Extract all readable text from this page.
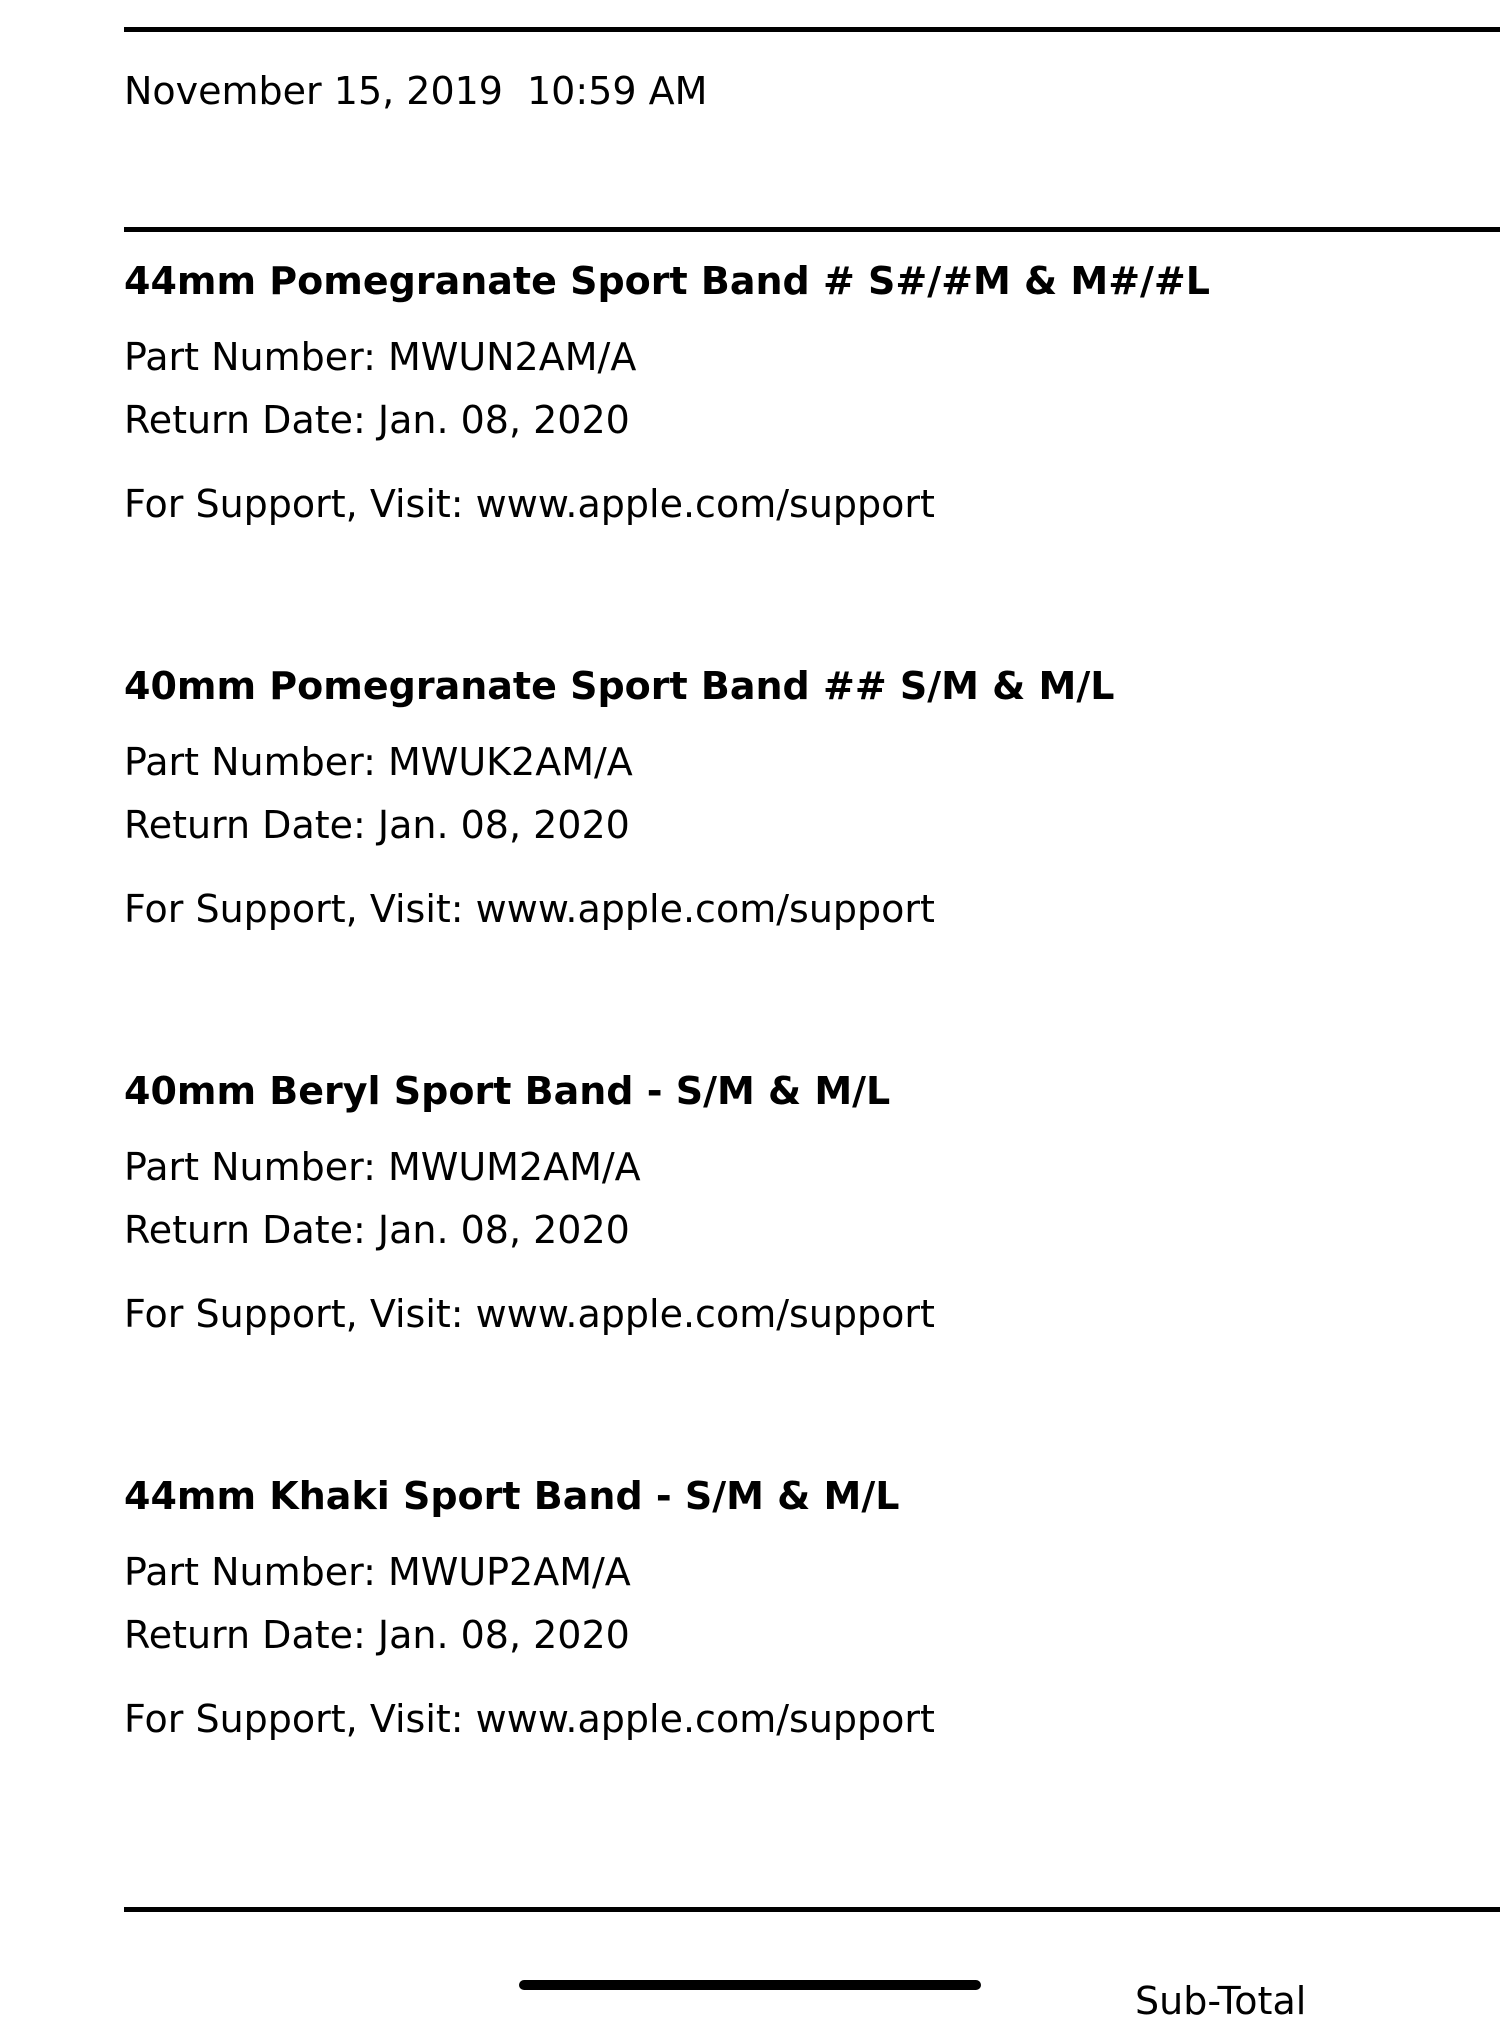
November 15, 2019 10:59 AM
44mm Pomegranate Sport Band # S#/#M & M#/#L
Part Number: MWUN2AM/A
Return Date: Jan. 08, 2020
For Support, Visit: www.apple.com/support
40mm Pomegranate Sport Band ## S/M & M/L
Part Number: MWUK2AM/A
Return Date: Jan. 08, 2020
For Support, Visit: www.apple.com/support
40mm Beryl Sport Band - S/M & M/L
Part Number: MWUM2AM/A
Return Date: Jan. 08, 2020
For Support, Visit: www.apple.com/support
44mm Khaki Sport Band - S/M & M/L
Part Number: MWUP2AM/A
Return Date: Jan. 08, 2020
For Support, Visit: www.apple.com/support
Sub-Total
